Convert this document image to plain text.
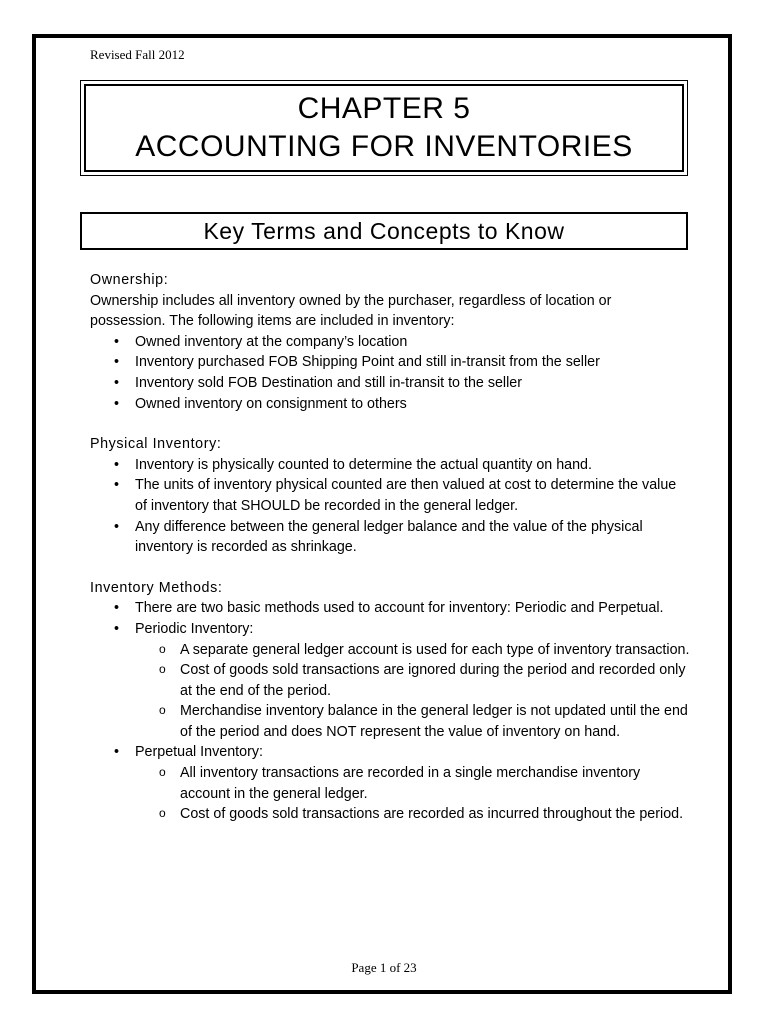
Revised Fall 2012
CHAPTER 5
ACCOUNTING FOR INVENTORIES
Key Terms and Concepts to Know
Ownership:

Ownership includes all inventory owned by the purchaser, regardless of location or possession. The following items are included in inventory:

• Owned inventory at the company’s location
• Inventory purchased FOB Shipping Point and still in-transit from the seller
• Inventory sold FOB Destination and still in-transit to the seller
• Owned inventory on consignment to others
Physical Inventory:
• Inventory is physically counted to determine the actual quantity on hand.
• The units of inventory physical counted are then valued at cost to determine the value of inventory that SHOULD be recorded in the general ledger.
• Any difference between the general ledger balance and the value of the physical inventory is recorded as shrinkage.
Inventory Methods:
• There are two basic methods used to account for inventory: Periodic and Perpetual.
• Periodic Inventory:
o A separate general ledger account is used for each type of inventory transaction.
o Cost of goods sold transactions are ignored during the period and recorded only at the end of the period.
o Merchandise inventory balance in the general ledger is not updated until the end of the period and does NOT represent the value of inventory on hand.
• Perpetual Inventory:
o All inventory transactions are recorded in a single merchandise inventory account in the general ledger.
o Cost of goods sold transactions are recorded as incurred throughout the period.
Page 1 of 23
